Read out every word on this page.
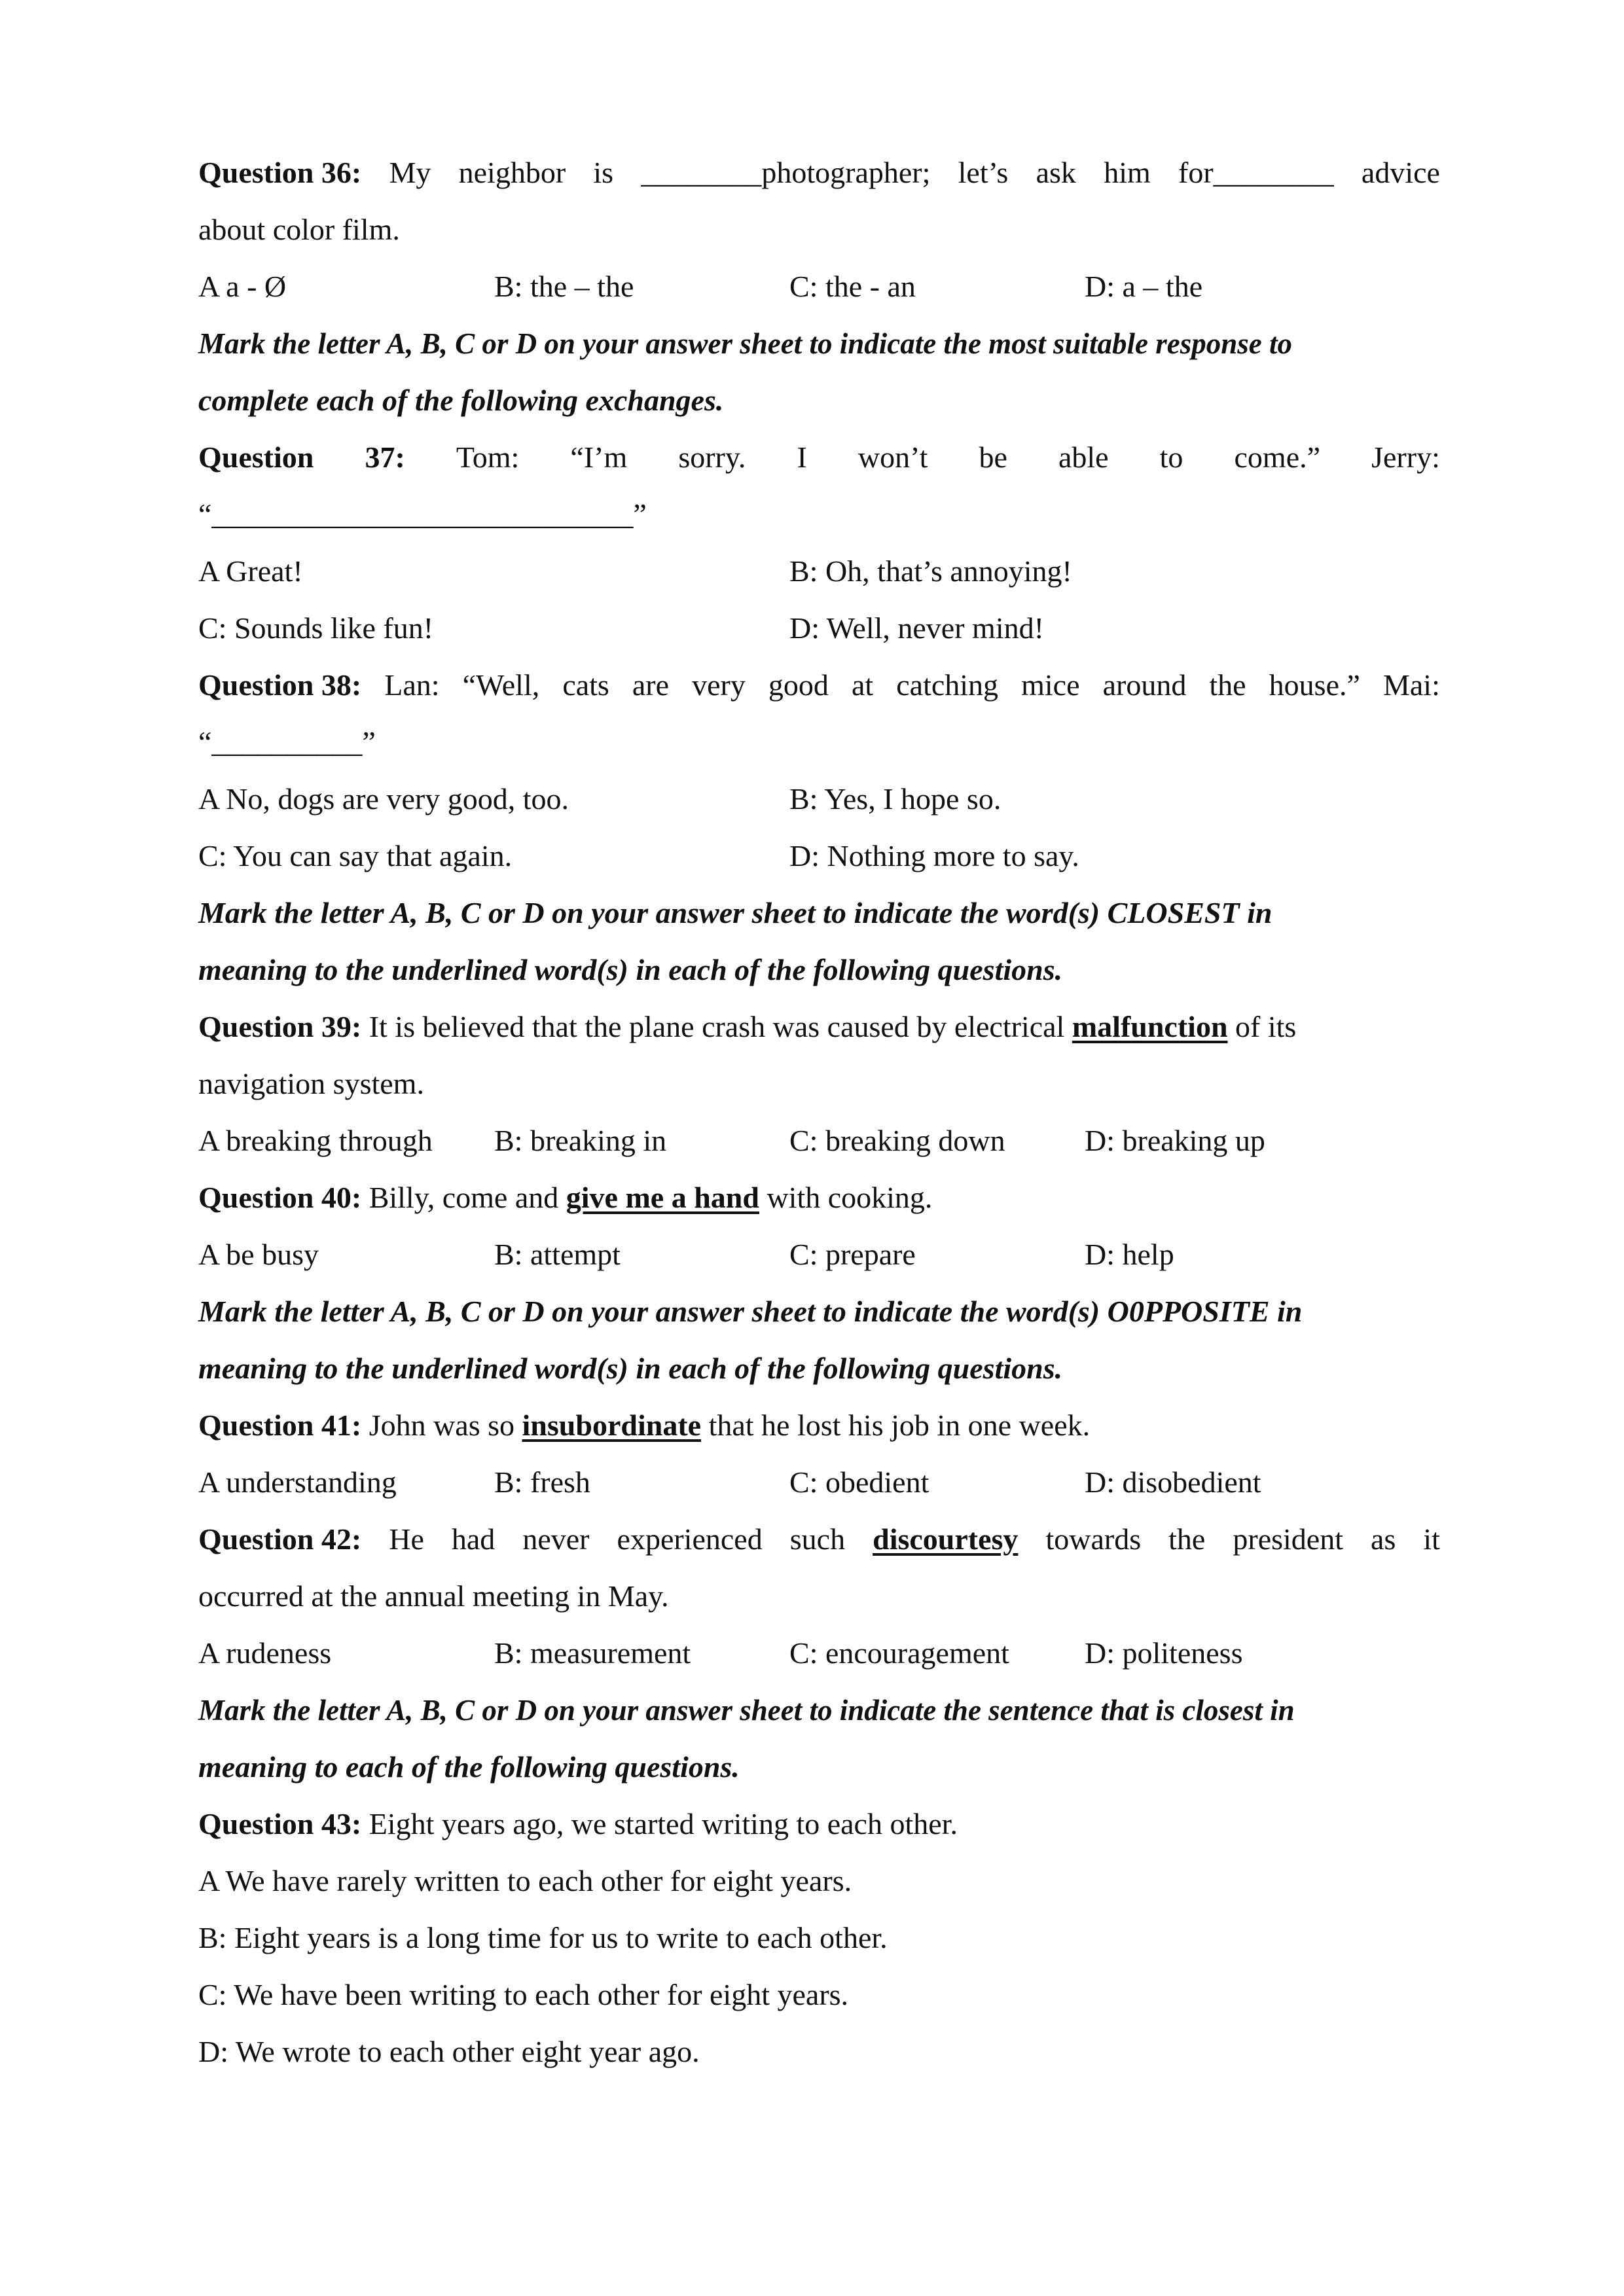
Question 36: My neighbor is ________photographer; let’s ask him for________ advice
about color film.

A a - Ø

	B: the – the

	C: the - an

	D: a – the

Mark the letter A, B, C or D on your answer sheet to indicate the most suitable response to
complete each of the following exchanges.
Question 37: Tom: “I’m sorry. I won’t be able to come.” Jerry:
“____________________________”

A Great!

	B: Oh, that’s annoying!

C: Sounds like fun!

	D: Well, never mind!

Question 38: Lan: “Well, cats are very good at catching mice around the house.” Mai:
“__________”

A No, dogs are very good, too.

	B: Yes, I hope so.

C: You can say that again.

	D: Nothing more to say.

Mark the letter A, B, C or D on your answer sheet to indicate the word(s) CLOSEST in
meaning to the underlined word(s) in each of the following questions.
Question 39: It is believed that the plane crash was caused by electrical malfunction of its
navigation system.

A breaking through

B: breaking in

	C: breaking down

	D: breaking up

Question 40: Billy, come and give me a hand with cooking.

A be busy

	B: attempt

	C: prepare

	D: help

Mark the letter A, B, C or D on your answer sheet to indicate the word(s) O0PPOSITE in
meaning to the underlined word(s) in each of the following questions.
Question 41: John was so insubordinate that he lost his job in one week.

A understanding

	B: fresh

	C: obedient

	D: disobedient

Question 42: He had never experienced such discourtesy towards the president as it
occurred at the annual meeting in May.

A rudeness

	B: measurement

	C: encouragement

	D: politeness

Mark the letter A, B, C or D on your answer sheet to indicate the sentence that is closest in
meaning to each of the following questions.
Question 43: Eight years ago, we started writing to each other.
A We have rarely written to each other for eight years.
B: Eight years is a long time for us to write to each other.
C: We have been writing to each other for eight years.
D: We wrote to each other eight year ago.
